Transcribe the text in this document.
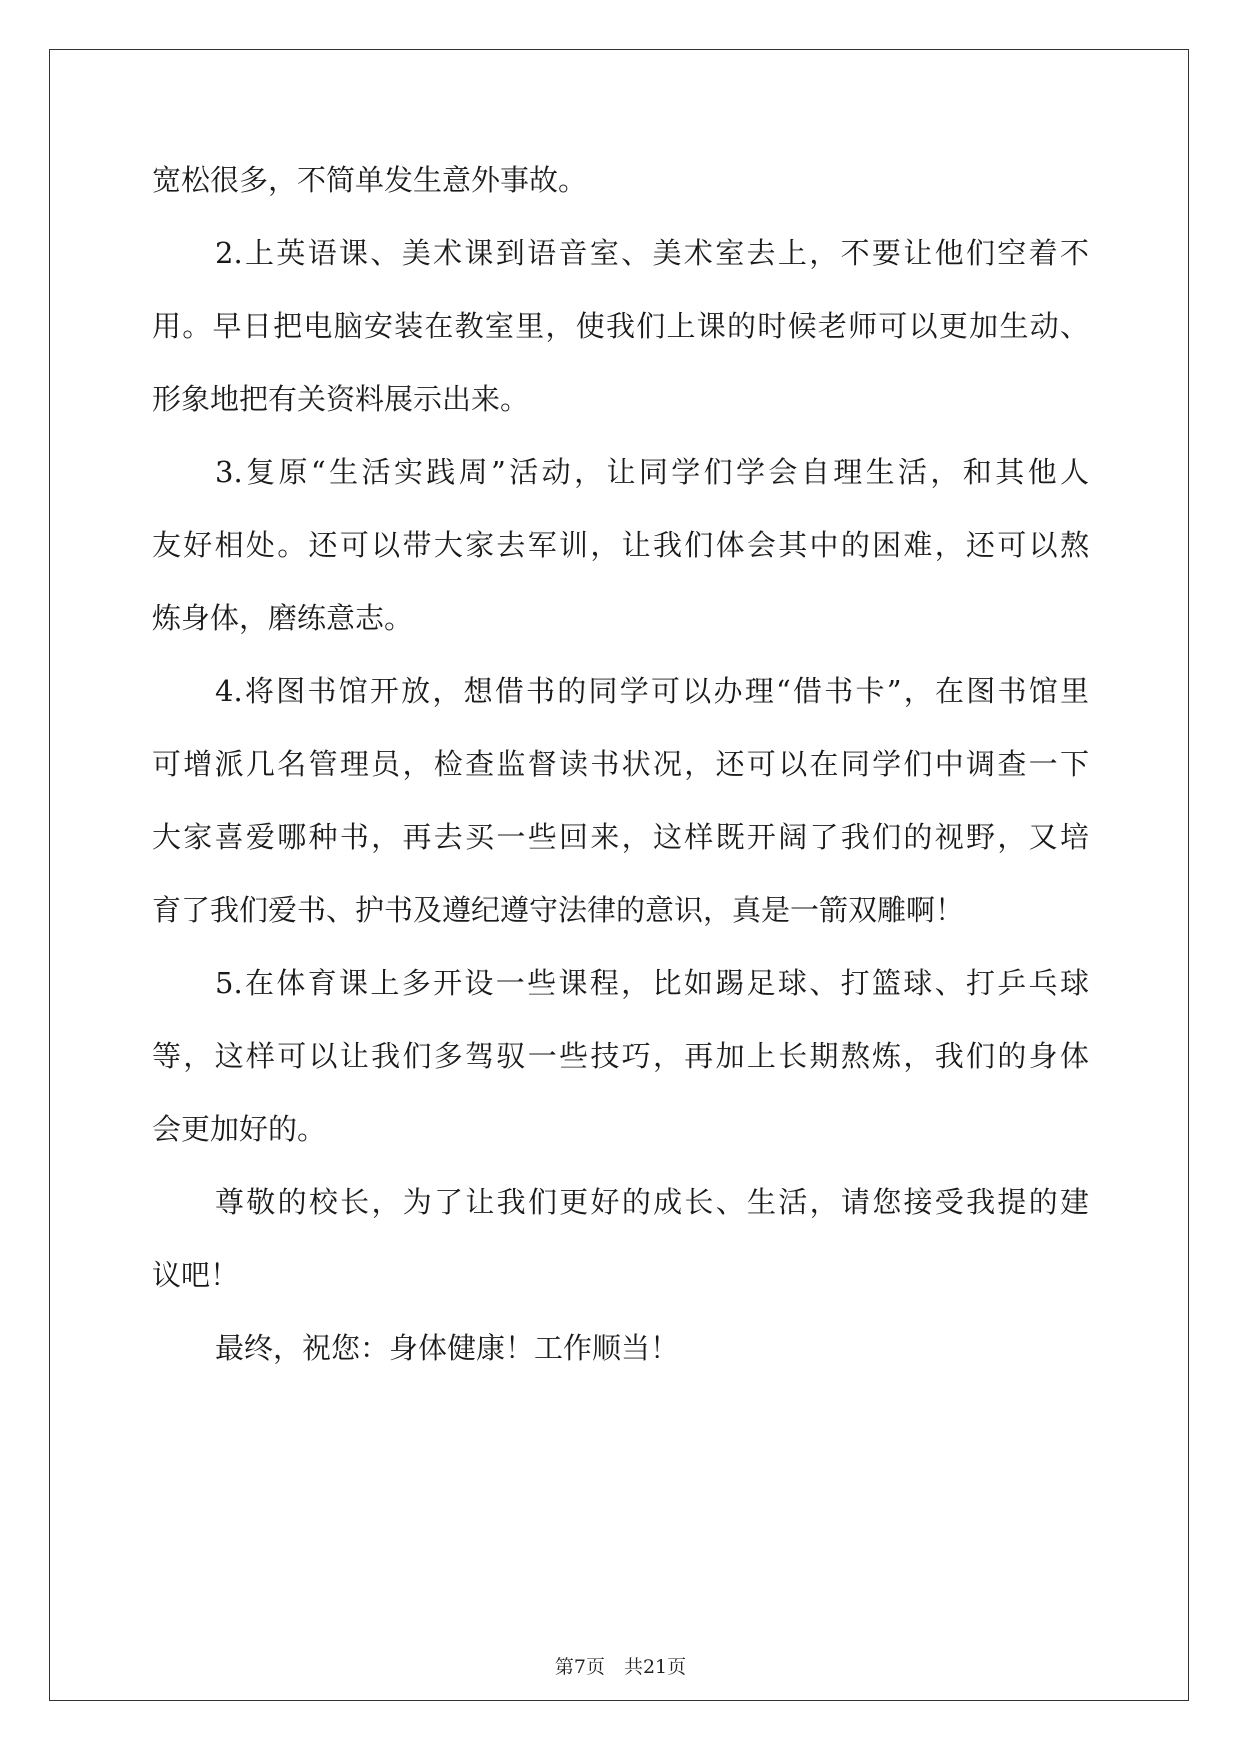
宽松很多，不简单发生意外事故。
2.上英语课、美术课到语音室、美术室去上，不要让他们空着不
用。早日把电脑安装在教室里，使我们上课的时候老师可以更加生动、
形象地把有关资料展示出来。
3.复原“生活实践周”活动，让同学们学会自理生活，和其他人
友好相处。还可以带大家去军训，让我们体会其中的困难，还可以熬
炼身体，磨练意志。
4.将图书馆开放，想借书的同学可以办理“借书卡”，在图书馆里
可增派几名管理员，检查监督读书状况，还可以在同学们中调查一下
大家喜爱哪种书，再去买一些回来，这样既开阔了我们的视野，又培
育了我们爱书、护书及遵纪遵守法律的意识，真是一箭双雕啊！
5.在体育课上多开设一些课程，比如踢足球、打篮球、打乒乓球
等，这样可以让我们多驾驭一些技巧，再加上长期熬炼，我们的身体
会更加好的。
尊敬的校长，为了让我们更好的成长、生活，请您接受我提的建
议吧！
最终，祝您：身体健康！工作顺当！
第7页　共21页
